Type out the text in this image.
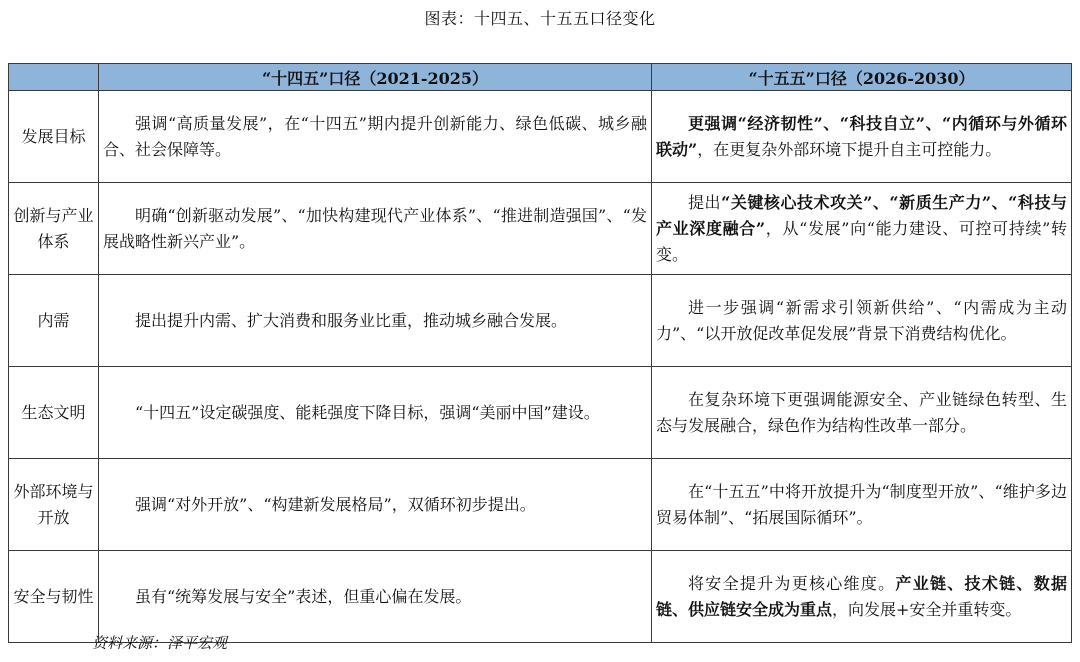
图表：十四五、十五五口径变化
	“十四五”口径（2021-2025）	“十五五”口径（2026-2030）
发展目标	强调“高质量发展”，在“十四五”期内提升创新能力、绿色低碳、城乡融合、社会保障等。	更强调“经济韧性”、“科技自立”、“内循环与外循环联动”，在更复杂外部环境下提升自主可控能力。
创新与产业体系	明确“创新驱动发展”、“加快构建现代产业体系”、“推进制造强国”、“发展战略性新兴产业”。	提出“关键核心技术攻关”、“新质生产力”、“科技与产业深度融合”，从“发展”向“能力建设、可控可持续”转变。
内需	提出提升内需、扩大消费和服务业比重，推动城乡融合发展。	进一步强调“新需求引领新供给”、“内需成为主动力”、“以开放促改革促发展”背景下消费结构优化。
生态文明	“十四五”设定碳强度、能耗强度下降目标，强调“美丽中国”建设。	在复杂环境下更强调能源安全、产业链绿色转型、生态与发展融合，绿色作为结构性改革一部分。
外部环境与开放	强调“对外开放”、“构建新发展格局”，双循环初步提出。	在“十五五”中将开放提升为“制度型开放”、“维护多边贸易体制”、“拓展国际循环”。
安全与韧性	虽有“统筹发展与安全”表述，但重心偏在发展。	将安全提升为更核心维度。产业链、技术链、数据链、供应链安全成为重点，向发展+安全并重转变。
资料来源：泽平宏观
